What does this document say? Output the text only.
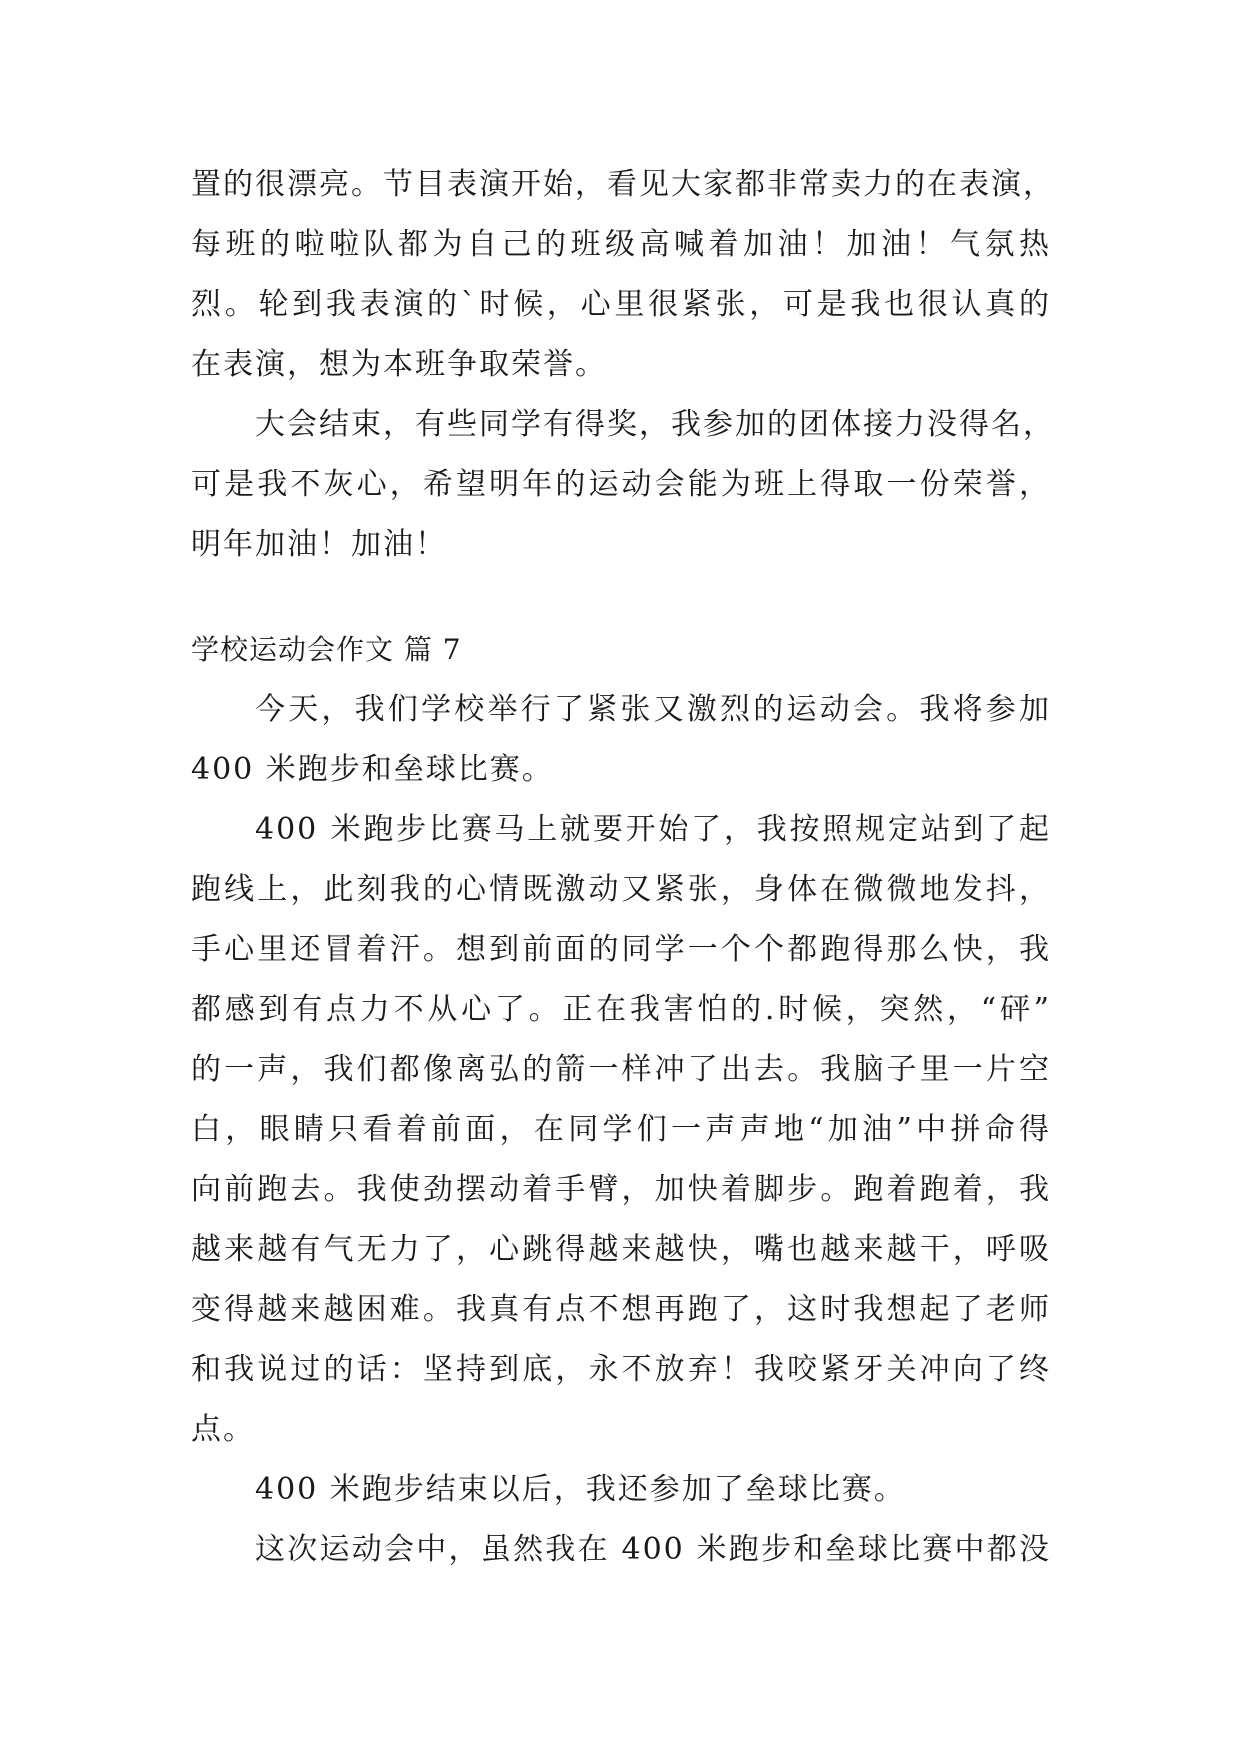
置的很漂亮。节目表演开始，看见大家都非常卖力的在表演，
每班的啦啦队都为自己的班级高喊着加油！加油！气氛热
烈。轮到我表演的`时候，心里很紧张，可是我也很认真的
在表演，想为本班争取荣誉。
大会结束，有些同学有得奖，我参加的团体接力没得名，
可是我不灰心，希望明年的运动会能为班上得取一份荣誉，
明年加油！加油！
学校运动会作文 篇 7
今天，我们学校举行了紧张又激烈的运动会。我将参加
400 米跑步和垒球比赛。
400 米跑步比赛马上就要开始了，我按照规定站到了起
跑线上，此刻我的心情既激动又紧张，身体在微微地发抖，
手心里还冒着汗。想到前面的同学一个个都跑得那么快，我
都感到有点力不从心了。正在我害怕的.时候，突然，“砰”
的一声，我们都像离弘的箭一样冲了出去。我脑子里一片空
白，眼睛只看着前面，在同学们一声声地“加油”中拼命得
向前跑去。我使劲摆动着手臂，加快着脚步。跑着跑着，我
越来越有气无力了，心跳得越来越快，嘴也越来越干，呼吸
变得越来越困难。我真有点不想再跑了，这时我想起了老师
和我说过的话：坚持到底，永不放弃！我咬紧牙关冲向了终
点。
400 米跑步结束以后，我还参加了垒球比赛。
这次运动会中，虽然我在 400 米跑步和垒球比赛中都没
